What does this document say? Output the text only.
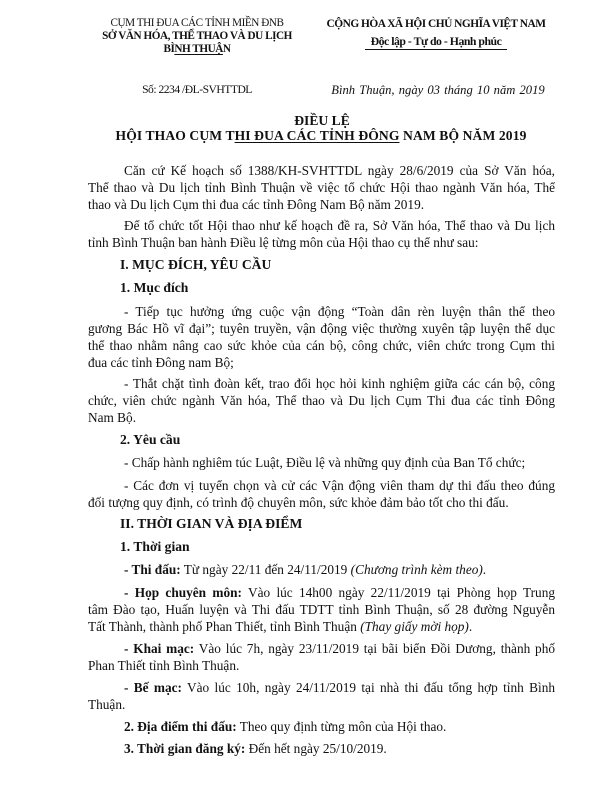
CỤM THI ĐUA CÁC TỈNH MIỀN ĐNB
SỞ VĂN HÓA, THỂ THAO VÀ DU LỊCH
BÌNH THUẬN
CỘNG HÒA XÃ HỘI CHỦ NGHĨA VIỆT NAM
Độc lập - Tự do - Hạnh phúc
Số: 2234 /ĐL-SVHTTDL	Bình Thuận, ngày 03 tháng 10 năm 2019
ĐIỀU LỆ
HỘI THAO CỤM THI ĐUA CÁC TỈNH ĐÔNG NAM BỘ NĂM 2019
Căn cứ Kế hoạch số 1388/KH-SVHTTDL ngày 28/6/2019 của Sở Văn hóa,
Thể thao và Du lịch tỉnh Bình Thuận về việc tổ chức Hội thao ngành Văn hóa, Thể
thao và Du lịch Cụm thi đua các tỉnh Đông Nam Bộ năm 2019.
Để tổ chức tốt Hội thao như kế hoạch đề ra, Sở Văn hóa, Thể thao và Du lịch
tỉnh Bình Thuận ban hành Điều lệ từng môn của Hội thao cụ thể như sau:
I. MỤC ĐÍCH, YÊU CẦU
1. Mục đích
- Tiếp tục hưởng ứng cuộc vận động “Toàn dân rèn luyện thân thể theo
gương Bác Hồ vĩ đại”; tuyên truyền, vận động việc thường xuyên tập luyện thể dục
thể thao nhằm nâng cao sức khỏe của cán bộ, công chức, viên chức trong Cụm thi
đua các tỉnh Đông nam Bộ;
- Thắt chặt tình đoàn kết, trao đổi học hỏi kinh nghiệm giữa các cán bộ, công
chức, viên chức ngành Văn hóa, Thể thao và Du lịch Cụm Thi đua các tỉnh Đông
Nam Bộ.
2. Yêu cầu
- Chấp hành nghiêm túc Luật, Điều lệ và những quy định của Ban Tổ chức;
- Các đơn vị tuyển chọn và cử các Vận động viên tham dự thi đấu theo đúng
đối tượng quy định, có trình độ chuyên môn, sức khỏe đảm bảo tốt cho thi đấu.
II. THỜI GIAN VÀ ĐỊA ĐIỂM
1. Thời gian
- Thi đấu: Từ ngày 22/11 đến 24/11/2019 (Chương trình kèm theo).
- Họp chuyên môn: Vào lúc 14h00 ngày 22/11/2019 tại Phòng họp Trung
tâm Đào tạo, Huấn luyện và Thi đấu TDTT tỉnh Bình Thuận, số 28 đường Nguyễn
Tất Thành, thành phố Phan Thiết, tỉnh Bình Thuận (Thay giấy mời họp).
- Khai mạc: Vào lúc 7h, ngày 23/11/2019 tại bãi biển Đồi Dương, thành phố
Phan Thiết tỉnh Bình Thuận.
- Bế mạc: Vào lúc 10h, ngày 24/11/2019 tại nhà thi đấu tổng hợp tỉnh Bình
Thuận.
2. Địa điểm thi đấu: Theo quy định từng môn của Hội thao.
3. Thời gian đăng ký: Đến hết ngày 25/10/2019.
